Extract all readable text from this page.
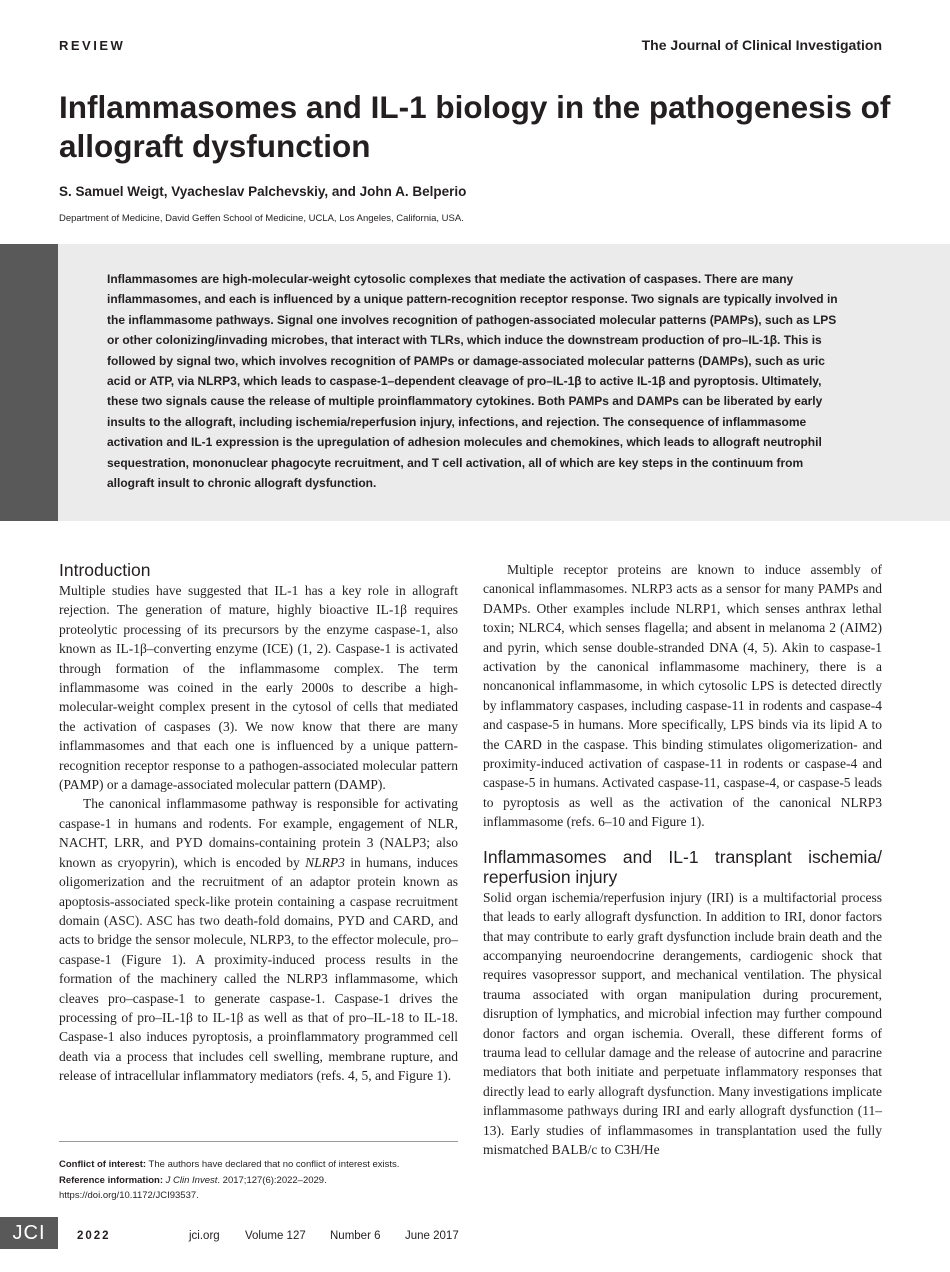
REVIEW	The Journal of Clinical Investigation
Inflammasomes and IL-1 biology in the pathogenesis of allograft dysfunction
S. Samuel Weigt, Vyacheslav Palchevskiy, and John A. Belperio
Department of Medicine, David Geffen School of Medicine, UCLA, Los Angeles, California, USA.

Inflammasomes are high-molecular-weight cytosolic complexes that mediate the activation of caspases. There are many inflammasomes, and each is influenced by a unique pattern-recognition receptor response. Two signals are typically involved in the inflammasome pathways. Signal one involves recognition of pathogen-associated molecular patterns (PAMPs), such as LPS or other colonizing/invading microbes, that interact with TLRs, which induce the downstream production of pro–IL-1β. This is followed by signal two, which involves recognition of PAMPs or damage-associated molecular patterns (DAMPs), such as uric acid or ATP, via NLRP3, which leads to caspase-1–dependent cleavage of pro–IL-1β to active IL-1β and pyroptosis. Ultimately, these two signals cause the release of multiple proinflammatory cytokines. Both PAMPs and DAMPs can be liberated by early insults to the allograft, including ischemia/reperfusion injury, infections, and rejection. The consequence of inflammasome activation and IL-1 expression is the upregulation of adhesion molecules and chemokines, which leads to allograft neutrophil sequestration, mononuclear phagocyte recruitment, and T cell activation, all of which are key steps in the continuum from allograft insult to chronic allograft dysfunction.

Introduction

Multiple studies have suggested that IL-1 has a key role in allograft rejection. The generation of mature, highly bioactive IL-1β requires proteolytic processing of its precursors by the enzyme caspase-1, also known as IL-1β–converting enzyme (ICE) (1, 2). Caspase-1 is activated through formation of the inflammasome complex. The term inflammasome was coined in the early 2000s to describe a high-molecular-weight complex present in the cytosol of cells that mediated the activation of caspases (3). We now know that there are many inflammasomes and that each one is influenced by a unique pattern-recognition receptor response to a pathogen-associated molecular pattern (PAMP) or a damage-associated molecular pattern (DAMP).

The canonical inflammasome pathway is responsible for activating caspase-1 in humans and rodents. For example, engagement of NLR, NACHT, LRR, and PYD domains-containing protein 3 (NALP3; also known as cryopyrin), which is encoded by NLRP3 in humans, induces oligomerization and the recruitment of an adaptor protein known as apoptosis-associated speck-like protein containing a caspase recruitment domain (ASC). ASC has two death-fold domains, PYD and CARD, and acts to bridge the sensor molecule, NLRP3, to the effector molecule, pro–caspase-1 (Figure 1). A proximity-induced process results in the formation of the machinery called the NLRP3 inflammasome, which cleaves pro–caspase-1 to generate caspase-1. Caspase-1 drives the processing of pro–IL-1β to IL-1β as well as that of pro–IL-18 to IL-18. Caspase-1 also induces pyroptosis, a proinflammatory programmed cell death via a process that includes cell swelling, membrane rupture, and release of intracellular inflammatory mediators (refs. 4, 5, and Figure 1).

Multiple receptor proteins are known to induce assembly of canonical inflammasomes. NLRP3 acts as a sensor for many PAMPs and DAMPs. Other examples include NLRP1, which senses anthrax lethal toxin; NLRC4, which senses flagella; and absent in melanoma 2 (AIM2) and pyrin, which sense double-stranded DNA (4, 5). Akin to caspase-1 activation by the canonical inflammasome machinery, there is a noncanonical inflammasome, in which cytosolic LPS is detected directly by inflammatory caspases, including caspase-11 in rodents and caspase-4 and caspase-5 in humans. More specifically, LPS binds via its lipid A to the CARD in the caspase. This binding stimulates oligomerization- and proximity-induced activation of caspase-11 in rodents or caspase-4 and caspase-5 in humans. Activated caspase-11, caspase-4, or caspase-5 leads to pyroptosis as well as the activation of the canonical NLRP3 inflammasome (refs. 6–10 and Figure 1).

Inflammasomes and IL-1 transplant ischemia/ reperfusion injury

Solid organ ischemia/reperfusion injury (IRI) is a multifactorial process that leads to early allograft dysfunction. In addition to IRI, donor factors that may contribute to early graft dysfunction include brain death and the accompanying neuroendocrine derangements, cardiogenic shock that requires vasopressor support, and mechanical ventilation. The physical trauma associated with organ manipulation during procurement, disruption of lymphatics, and microbial infection may further compound donor factors and organ ischemia. Overall, these different forms of trauma lead to cellular damage and the release of autocrine and paracrine mediators that both initiate and perpetuate inflammatory responses that directly lead to early allograft dysfunction. Many investigations implicate inflammasome pathways during IRI and early allograft dysfunction (11–13). Early studies of inflammasomes in transplantation used the fully mismatched BALB/c to C3H/He

Conflict of interest: The authors have declared that no conflict of interest exists.
Reference information: J Clin Invest. 2017;127(6):2022–2029.
https://doi.org/10.1172/JCI93537.
JCI	2022	jci.org Volume 127 Number 6 June 2017
